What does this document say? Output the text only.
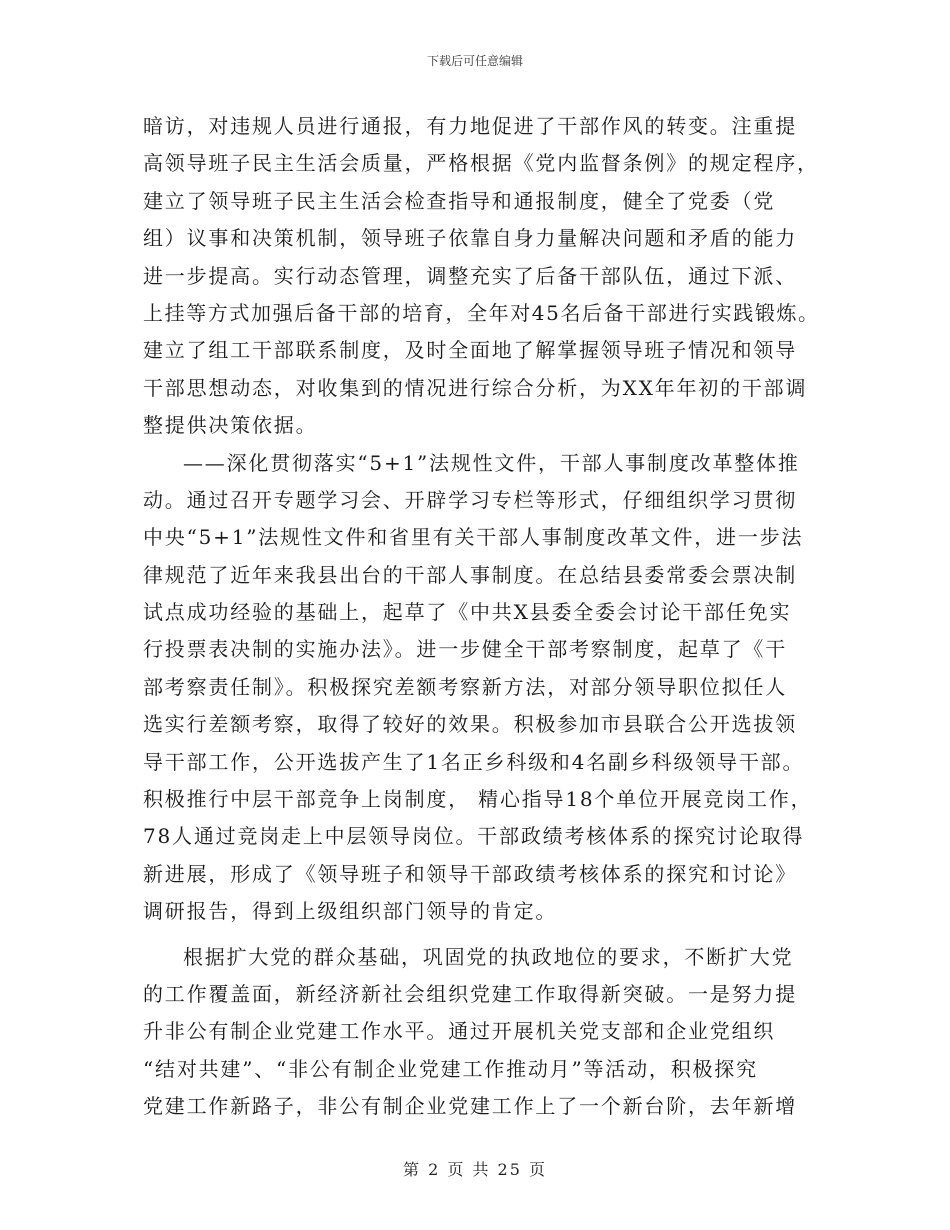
下载后可任意编辑
暗访，对违规人员进行通报，有力地促进了干部作风的转变。注重提
高领导班子民主生活会质量，严格根据《党内监督条例》的规定程序，
建立了领导班子民主生活会检查指导和通报制度，健全了党委（党
组）议事和决策机制，领导班子依靠自身力量解决问题和矛盾的能力
进一步提高。实行动态管理，调整充实了后备干部队伍，通过下派、
上挂等方式加强后备干部的培育，全年对45名后备干部进行实践锻炼。
建立了组工干部联系制度，及时全面地了解掌握领导班子情况和领导
干部思想动态，对收集到的情况进行综合分析，为XX年年初的干部调
整提供决策依据。
——深化贯彻落实“5+1”法规性文件，干部人事制度改革整体推
动。通过召开专题学习会、开辟学习专栏等形式，仔细组织学习贯彻
中央“5+1”法规性文件和省里有关干部人事制度改革文件，进一步法
律规范了近年来我县出台的干部人事制度。在总结县委常委会票决制
试点成功经验的基础上，起草了《中共X县委全委会讨论干部任免实
行投票表决制的实施办法》。进一步健全干部考察制度，起草了《干
部考察责任制》。积极探究差额考察新方法，对部分领导职位拟任人
选实行差额考察，取得了较好的效果。积极参加市县联合公开选拔领
导干部工作，公开选拔产生了1名正乡科级和4名副乡科级领导干部。
积极推行中层干部竞争上岗制度， 精心指导18个单位开展竞岗工作，
78人通过竞岗走上中层领导岗位。干部政绩考核体系的探究讨论取得
新进展，形成了《领导班子和领导干部政绩考核体系的探究和讨论》
调研报告，得到上级组织部门领导的肯定。
根据扩大党的群众基础，巩固党的执政地位的要求，不断扩大党
的工作覆盖面，新经济新社会组织党建工作取得新突破。一是努力提
升非公有制企业党建工作水平。通过开展机关党支部和企业党组织
“结对共建”、“非公有制企业党建工作推动月”等活动，积极探究
党建工作新路子，非公有制企业党建工作上了一个新台阶，去年新增
第 2 页 共 25 页
